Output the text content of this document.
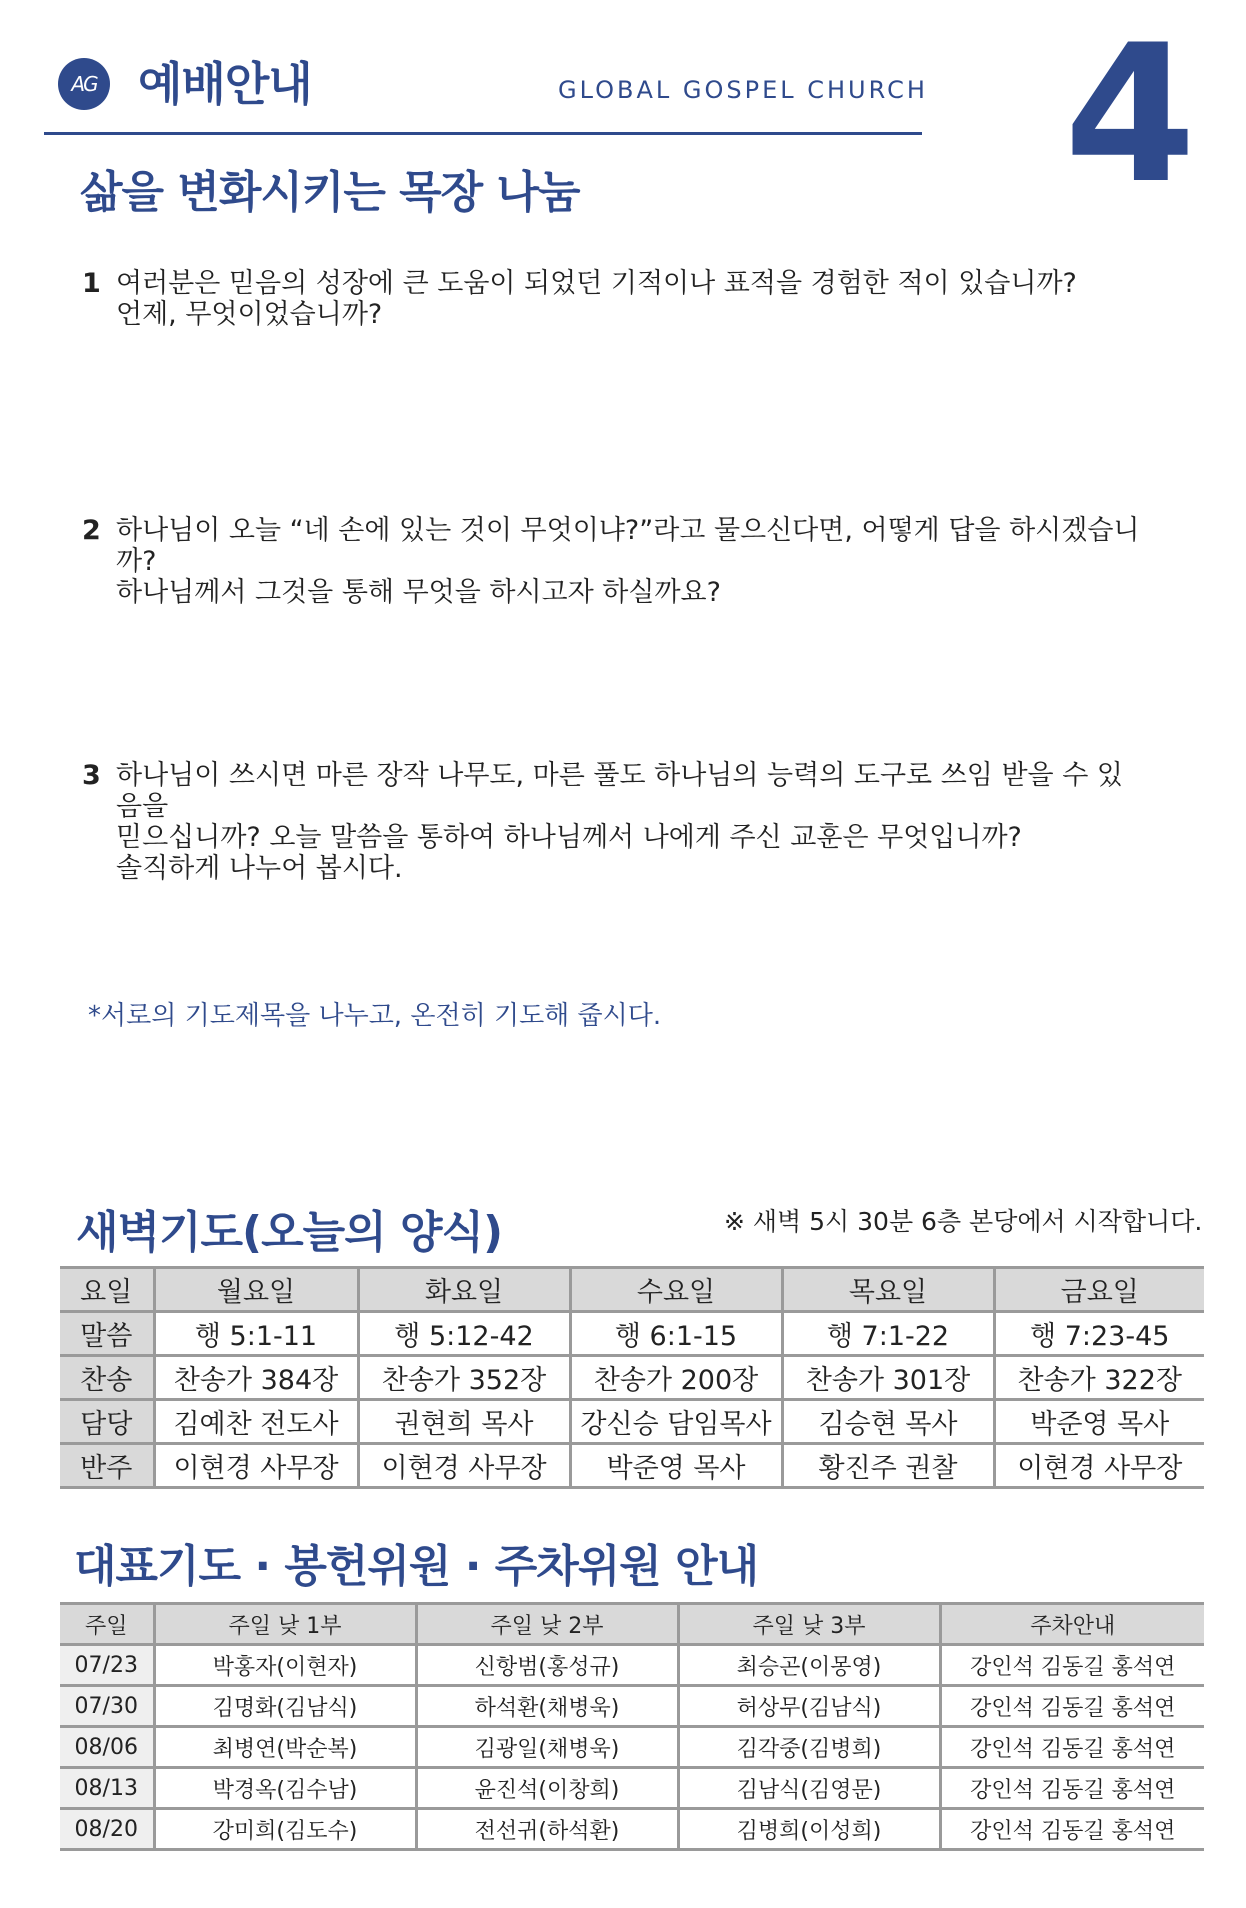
AG 예배안내	GLOBAL GOSPEL CHURCH 4
삶을 변화시키는 목장 나눔
1 여러분은 믿음의 성장에 큰 도움이 되었던 기적이나 표적을 경험한 적이 있습니까?
언제, 무엇이었습니까?
2 하나님이 오늘 “네 손에 있는 것이 무엇이냐?”라고 물으신다면, 어떻게 답을 하시겠습니까?
하나님께서 그것을 통해 무엇을 하시고자 하실까요?
3 하나님이 쓰시면 마른 장작 나무도, 마른 풀도 하나님의 능력의 도구로 쓰임 받을 수 있음을
믿으십니까? 오늘 말씀을 통하여 하나님께서 나에게 주신 교훈은 무엇입니까?
솔직하게 나누어 봅시다.
*서로의 기도제목을 나누고, 온전히 기도해 줍시다.
새벽기도(오늘의 양식)	※ 새벽 5시 30분 6층 본당에서 시작합니다.
요일	월요일	화요일	수요일	목요일	금요일
말씀	행 5:1-11	행 5:12-42	행 6:1-15	행 7:1-22	행 7:23-45
찬송	찬송가 384장	찬송가 352장	찬송가 200장	찬송가 301장	찬송가 322장
담당	김예찬 전도사	권현희 목사	강신승 담임목사	김승현 목사	박준영 목사
반주	이현경 사무장	이현경 사무장	박준영 목사	황진주 권찰	이현경 사무장
대표기도 · 봉헌위원 · 주차위원 안내
주일	주일 낮 1부	주일 낮 2부	주일 낮 3부	주차안내
07/23	박홍자(이현자)	신항범(홍성규)	최승곤(이몽영)	강인석 김동길 홍석연
07/30	김명화(김남식)	하석환(채병욱)	허상무(김남식)	강인석 김동길 홍석연
08/06	최병연(박순복)	김광일(채병욱)	김각중(김병희)	강인석 김동길 홍석연
08/13	박경옥(김수남)	윤진석(이창희)	김남식(김영문)	강인석 김동길 홍석연
08/20	강미희(김도수)	전선귀(하석환)	김병희(이성희)	강인석 김동길 홍석연
